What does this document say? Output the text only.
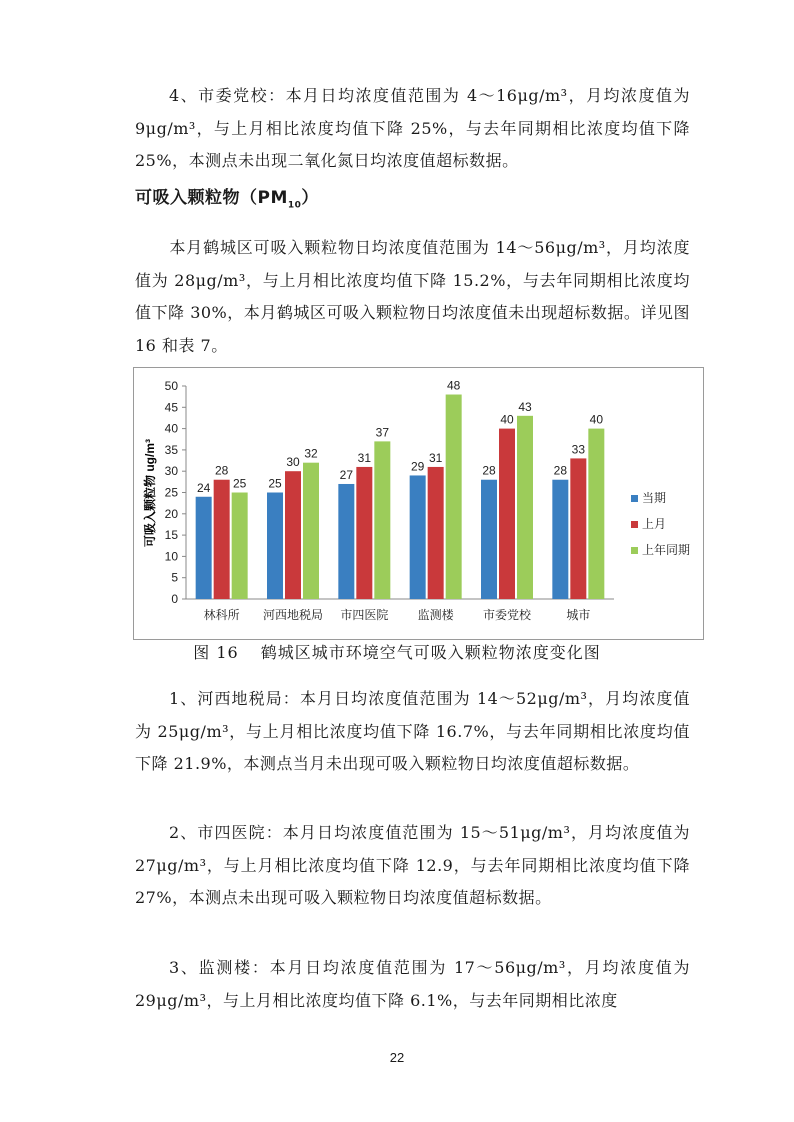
4、市委党校：本月日均浓度值范围为 4～16μg/m³，月均浓度值为 9μg/m³，与上月相比浓度均值下降 25%，与去年同期相比浓度均值下降 25%，本测点未出现二氧化氮日均浓度值超标数据。

可吸入颗粒物$(PM_{10})$

本月鹤城区可吸入颗粒物日均浓度值范围为 14～56μg/m³，月均浓度值为 28μg/m³，与上月相比浓度均值下降 15.2%，与去年同期相比浓度均值下降 30%，本月鹤城区可吸入颗粒物日均浓度值未出现超标数据。详见图 16 和表 7。

0
5
10
15
20
25
30
35
40
45
50
24
28
25 25
30
32
27
31
37
29
31
48
28
40
43
28
33
40
林科所 河西地税局 市四医院 监测楼 市委党校	城市
当期
上月
上年同期
可吸入颗粒物 ug/m³
图 16 鹤城区城市环境空气可吸入颗粒物浓度变化图

1、河西地税局：本月日均浓度值范围为 14～52μg/m³，月均浓度值为 25μg/m³，与上月相比浓度均值下降 16.7%，与去年同期相比浓度均值下降 21.9%，本测点当月未出现可吸入颗粒物日均浓度值超标数据。

2、市四医院：本月日均浓度值范围为 15～51μg/m³，月均浓度值为 27μg/m³，与上月相比浓度均值下降 12.9，与去年同期相比浓度均值下降 27%，本测点未出现可吸入颗粒物日均浓度值超标数据。

3、监测楼：本月日均浓度值范围为 17～56μg/m³，月均浓度值为 29μg/m³，与上月相比浓度均值下降 6.1%，与去年同期相比浓度

22
